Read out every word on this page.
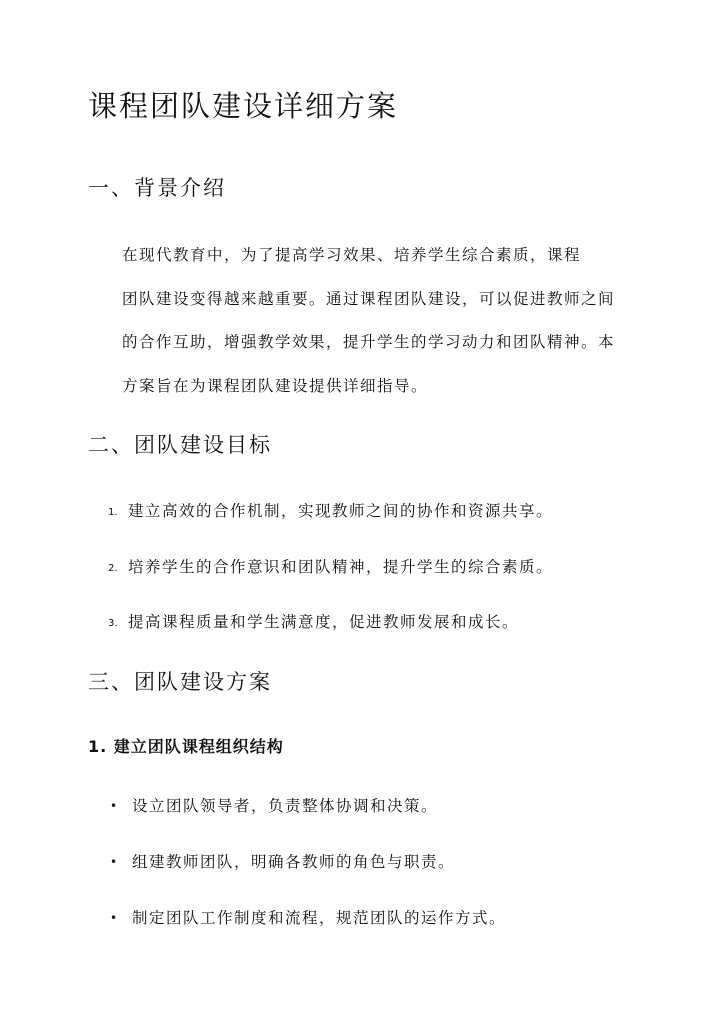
课程团队建设详细方案
一、背景介绍

在现代教育中，为了提高学习效果、培养学生综合素质，课程
团队建设变得越来越重要。通过课程团队建设，可以促进教师之间
的合作互助，增强教学效果，提升学生的学习动力和团队精神。本
方案旨在为课程团队建设提供详细指导。

二、团队建设目标
1. 建立高效的合作机制，实现教师之间的协作和资源共享。
2. 培养学生的合作意识和团队精神，提升学生的综合素质。
3. 提高课程质量和学生满意度，促进教师发展和成长。
三、团队建设方案
1. 建立团队课程组织结构
• 设立团队领导者，负责整体协调和决策。
• 组建教师团队，明确各教师的角色与职责。
• 制定团队工作制度和流程，规范团队的运作方式。
